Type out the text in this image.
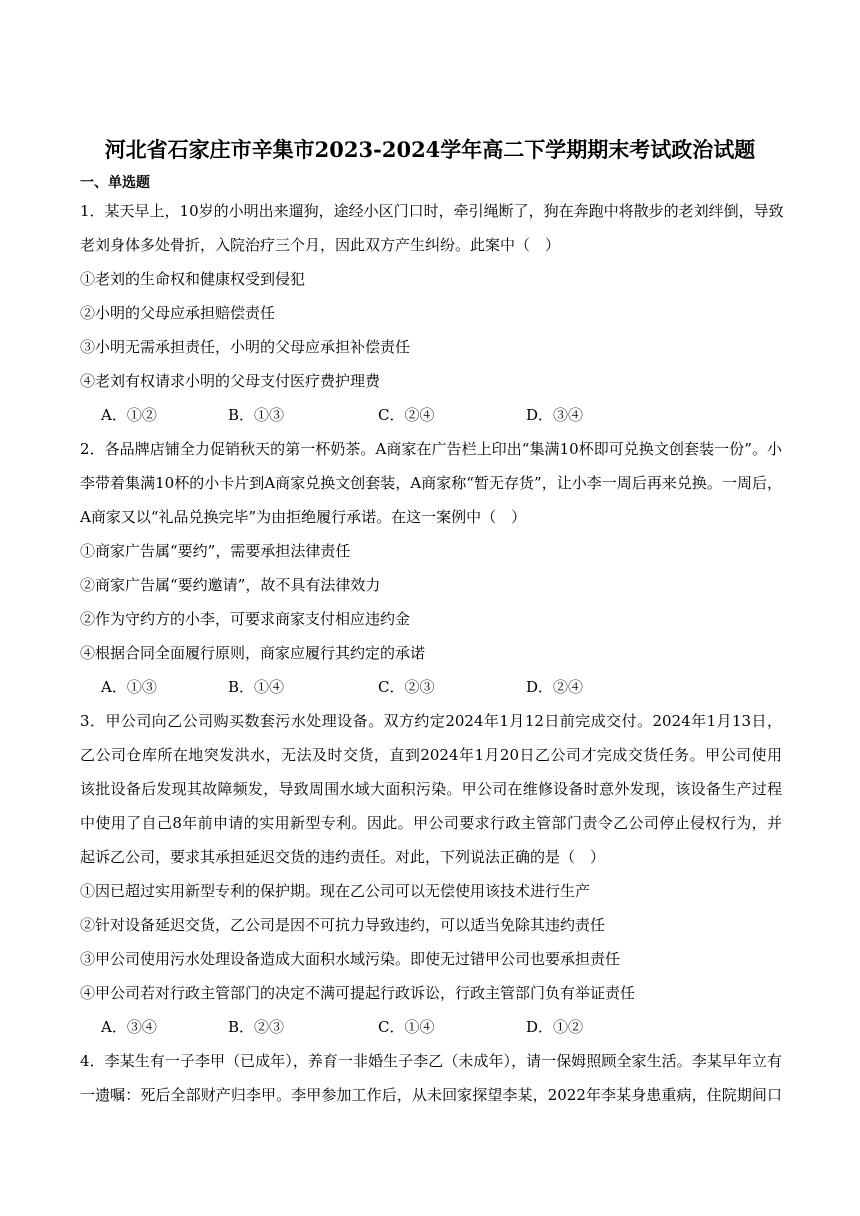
河北省石家庄市辛集市2023-2024学年高二下学期期末考试政治试题
一、单选题
1．某天早上，10岁的小明出来遛狗，途经小区门口时，牵引绳断了，狗在奔跑中将散步的老刘绊倒，导致
老刘身体多处骨折，入院治疗三个月，因此双方产生纠纷。此案中（　）
①老刘的生命权和健康权受到侵犯
②小明的父母应承担赔偿责任
③小明无需承担责任，小明的父母应承担补偿责任
④老刘有权请求小明的父母支付医疗费护理费
A．①②	B．①③	C．②④	D．③④
2．各品牌店铺全力促销秋天的第一杯奶茶。A商家在广告栏上印出“集满10杯即可兑换文创套装一份”。小
李带着集满10杯的小卡片到A商家兑换文创套装，A商家称“暂无存货”，让小李一周后再来兑换。一周后，
A商家又以“礼品兑换完毕”为由拒绝履行承诺。在这一案例中（　）
①商家广告属“要约”，需要承担法律责任
②商家广告属“要约邀请”，故不具有法律效力
②作为守约方的小李，可要求商家支付相应违约金
④根据合同全面履行原则，商家应履行其约定的承诺
A．①③	B．①④	C．②③	D．②④
3．甲公司向乙公司购买数套污水处理设备。双方约定2024年1月12日前完成交付。2024年1月13日，
乙公司仓库所在地突发洪水，无法及时交货，直到2024年1月20日乙公司才完成交货任务。甲公司使用
该批设备后发现其故障频发，导致周围水域大面积污染。甲公司在维修设备时意外发现，该设备生产过程
中使用了自己8年前申请的实用新型专利。因此。甲公司要求行政主管部门责令乙公司停止侵权行为，并
起诉乙公司，要求其承担延迟交货的违约责任。对此，下列说法正确的是（　）
①因已超过实用新型专利的保护期。现在乙公司可以无偿使用该技术进行生产
②针对设备延迟交货，乙公司是因不可抗力导致违约，可以适当免除其违约责任
③甲公司使用污水处理设备造成大面积水域污染。即使无过错甲公司也要承担责任
④甲公司若对行政主管部门的决定不满可提起行政诉讼，行政主管部门负有举证责任
A．③④	B．②③	C．①④	D．①②
4．李某生有一子李甲（已成年），养育一非婚生子李乙（未成年），请一保姆照顾全家生活。李某早年立有
一遗嘱：死后全部财产归李甲。李甲参加工作后，从未回家探望李某，2022年李某身患重病，住院期间口
